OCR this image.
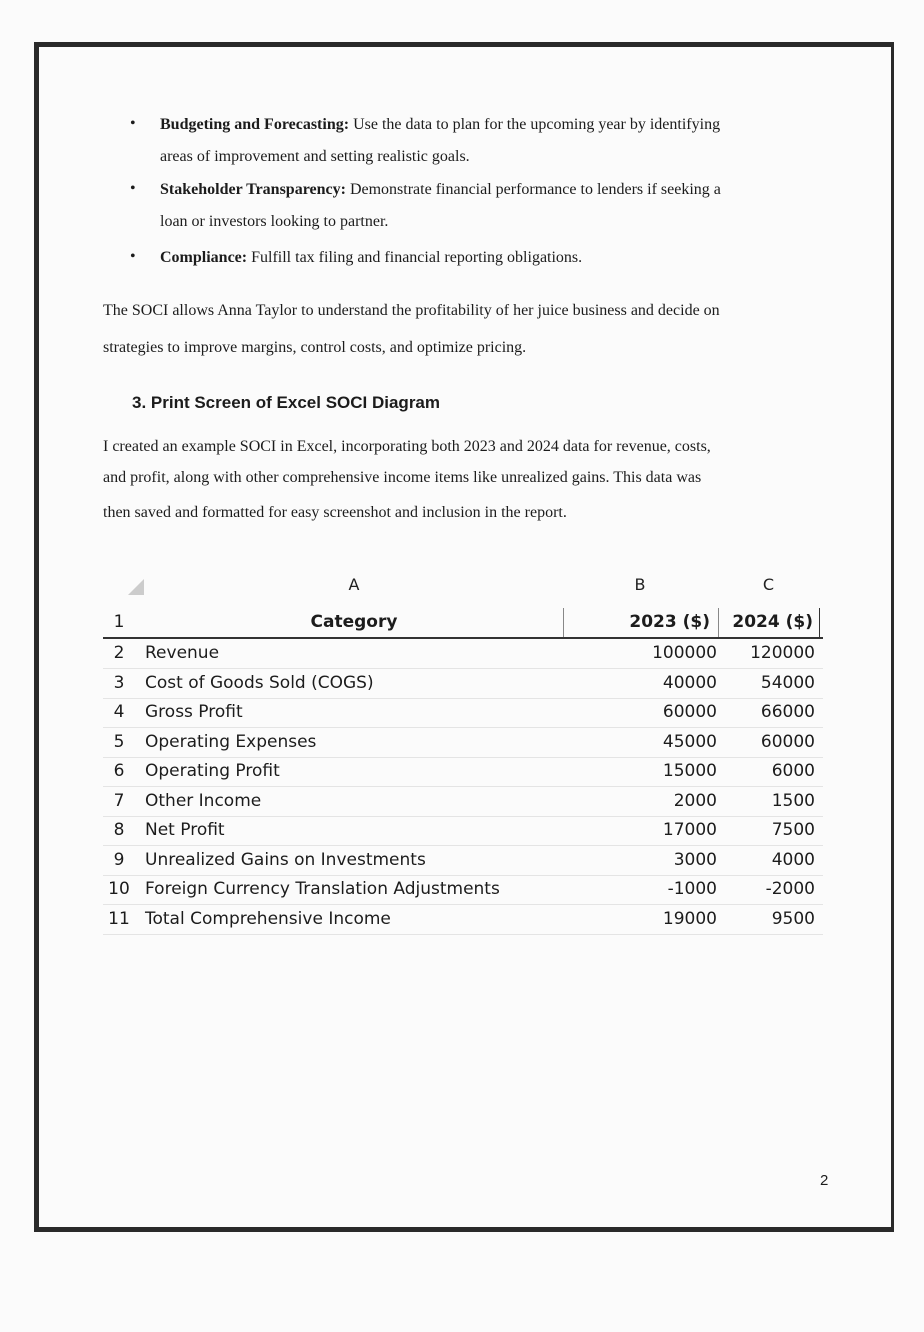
• Budgeting and Forecasting: Use the data to plan for the upcoming year by identifying
areas of improvement and setting realistic goals.
• Stakeholder Transparency: Demonstrate financial performance to lenders if seeking a
loan or investors looking to partner.
• Compliance: Fulfill tax filing and financial reporting obligations.
The SOCI allows Anna Taylor to understand the profitability of her juice business and decide on
strategies to improve margins, control costs, and optimize pricing.
3. Print Screen of Excel SOCI Diagram
I created an example SOCI in Excel, incorporating both 2023 and 2024 data for revenue, costs,
and profit, along with other comprehensive income items like unrealized gains. This data was
then saved and formatted for easy screenshot and inclusion in the report.
A	B	C
1	Category	2023 ($) 2024 ($)
2	Revenue	100000 120000
3	Cost of Goods Sold (COGS)	40000	54000
4	Gross Profit	60000	66000
5	Operating Expenses	45000	60000
6	Operating Profit	15000	6000
7	Other Income	2000	1500
8	Net Profit	17000	7500
9	Unrealized Gains on Investments	3000	4000
10 Foreign Currency Translation Adjustments	-1000	-2000
11 Total Comprehensive Income	19000	9500
2
